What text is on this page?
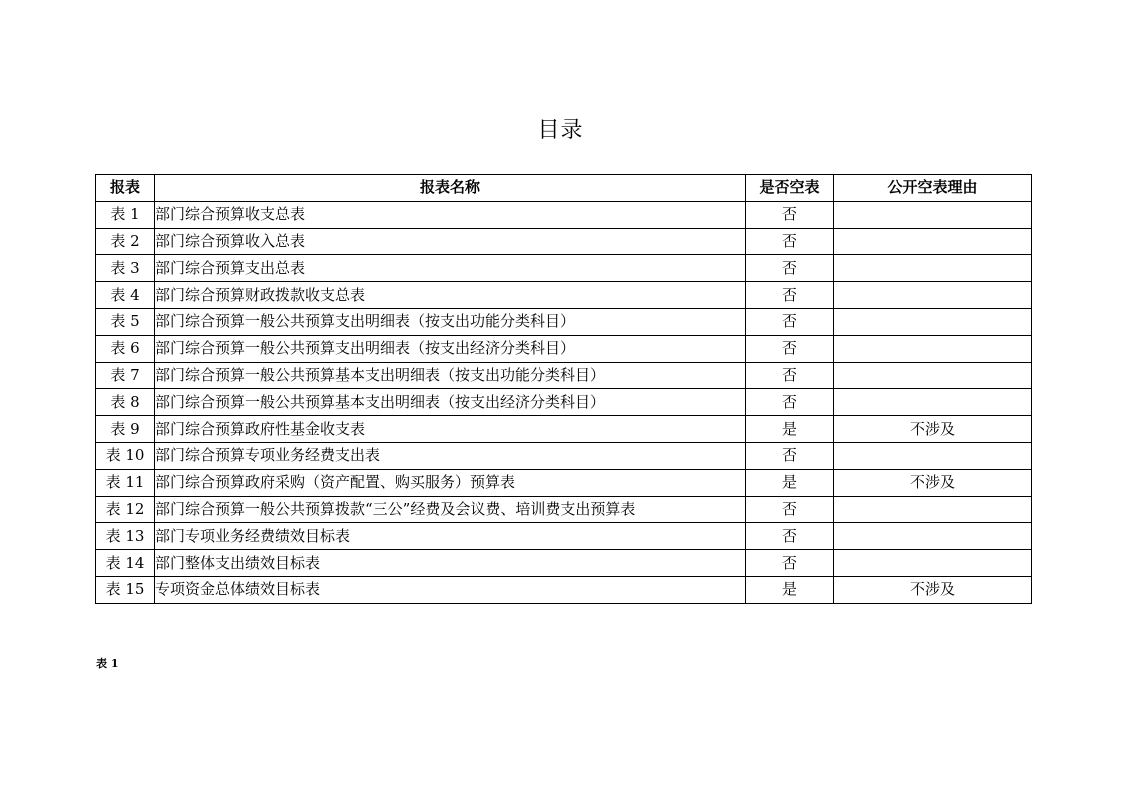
目录
报表	报表名称	是否空表	公开空表理由
表 1	部门综合预算收支总表	否	
表 2	部门综合预算收入总表	否	
表 3	部门综合预算支出总表	否	
表 4	部门综合预算财政拨款收支总表	否	
表 5	部门综合预算一般公共预算支出明细表（按支出功能分类科目）	否	
表 6	部门综合预算一般公共预算支出明细表（按支出经济分类科目）	否	
表 7	部门综合预算一般公共预算基本支出明细表（按支出功能分类科目）	否	
表 8	部门综合预算一般公共预算基本支出明细表（按支出经济分类科目）	否	
表 9	部门综合预算政府性基金收支表	是	不涉及
表 10	部门综合预算专项业务经费支出表	否	
表 11	部门综合预算政府采购（资产配置、购买服务）预算表	是	不涉及
表 12	部门综合预算一般公共预算拨款“三公”经费及会议费、培训费支出预算表	否	
表 13	部门专项业务经费绩效目标表	否	
表 14	部门整体支出绩效目标表	否	
表 15	专项资金总体绩效目标表	是	不涉及
表 1
